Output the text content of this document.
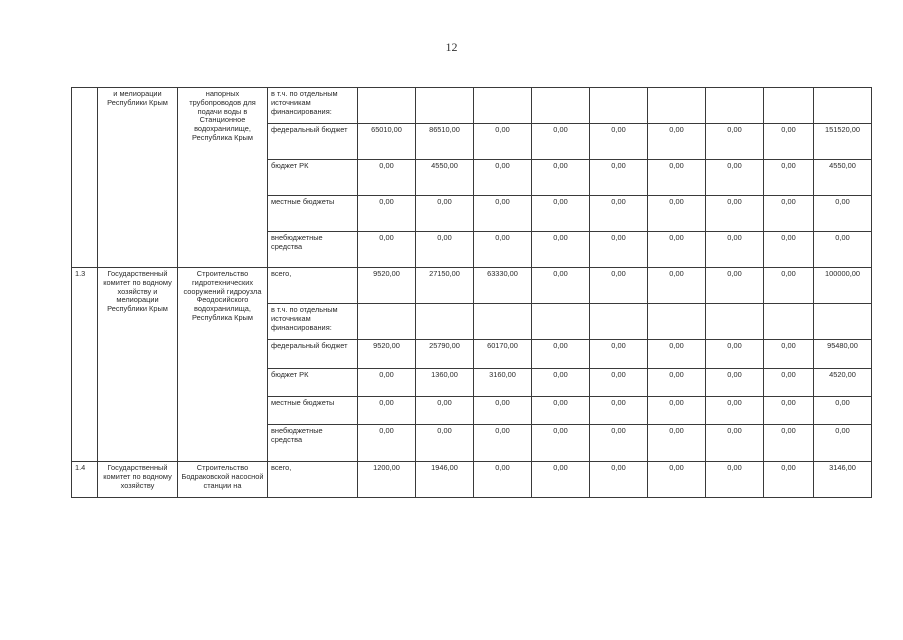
12
	и мелиорации Республики Крым	напорных трубопроводов для подачи воды в Станционное водохранилище, Республика Крым	в т.ч. по отдельным источникам финансирования:									
			федеральный бюджет	65010,00	86510,00	0,00	0,00	0,00	0,00	0,00	0,00	151520,00
			бюджет РК	0,00	4550,00	0,00	0,00	0,00	0,00	0,00	0,00	4550,00
			местные бюджеты	0,00	0,00	0,00	0,00	0,00	0,00	0,00	0,00	0,00
			внебюджетные средства	0,00	0,00	0,00	0,00	0,00	0,00	0,00	0,00	0,00
1.3	Государственный комитет по водному хозяйству и мелиорации Республики Крым	Строительство гидротехнических сооружений гидроузла Феодосийского водохранилища, Республика Крым	всего,	9520,00	27150,00	63330,00	0,00	0,00	0,00	0,00	0,00	100000,00
			в т.ч. по отдельным источникам финансирования:									
			федеральный бюджет	9520,00	25790,00	60170,00	0,00	0,00	0,00	0,00	0,00	95480,00
			бюджет РК	0,00	1360,00	3160,00	0,00	0,00	0,00	0,00	0,00	4520,00
			местные бюджеты	0,00	0,00	0,00	0,00	0,00	0,00	0,00	0,00	0,00
			внебюджетные средства	0,00	0,00	0,00	0,00	0,00	0,00	0,00	0,00	0,00
1.4	Государственный комитет по водному хозяйству	Строительство Бодраковской насосной станции на	всего,	1200,00	1946,00	0,00	0,00	0,00	0,00	0,00	0,00	3146,00
